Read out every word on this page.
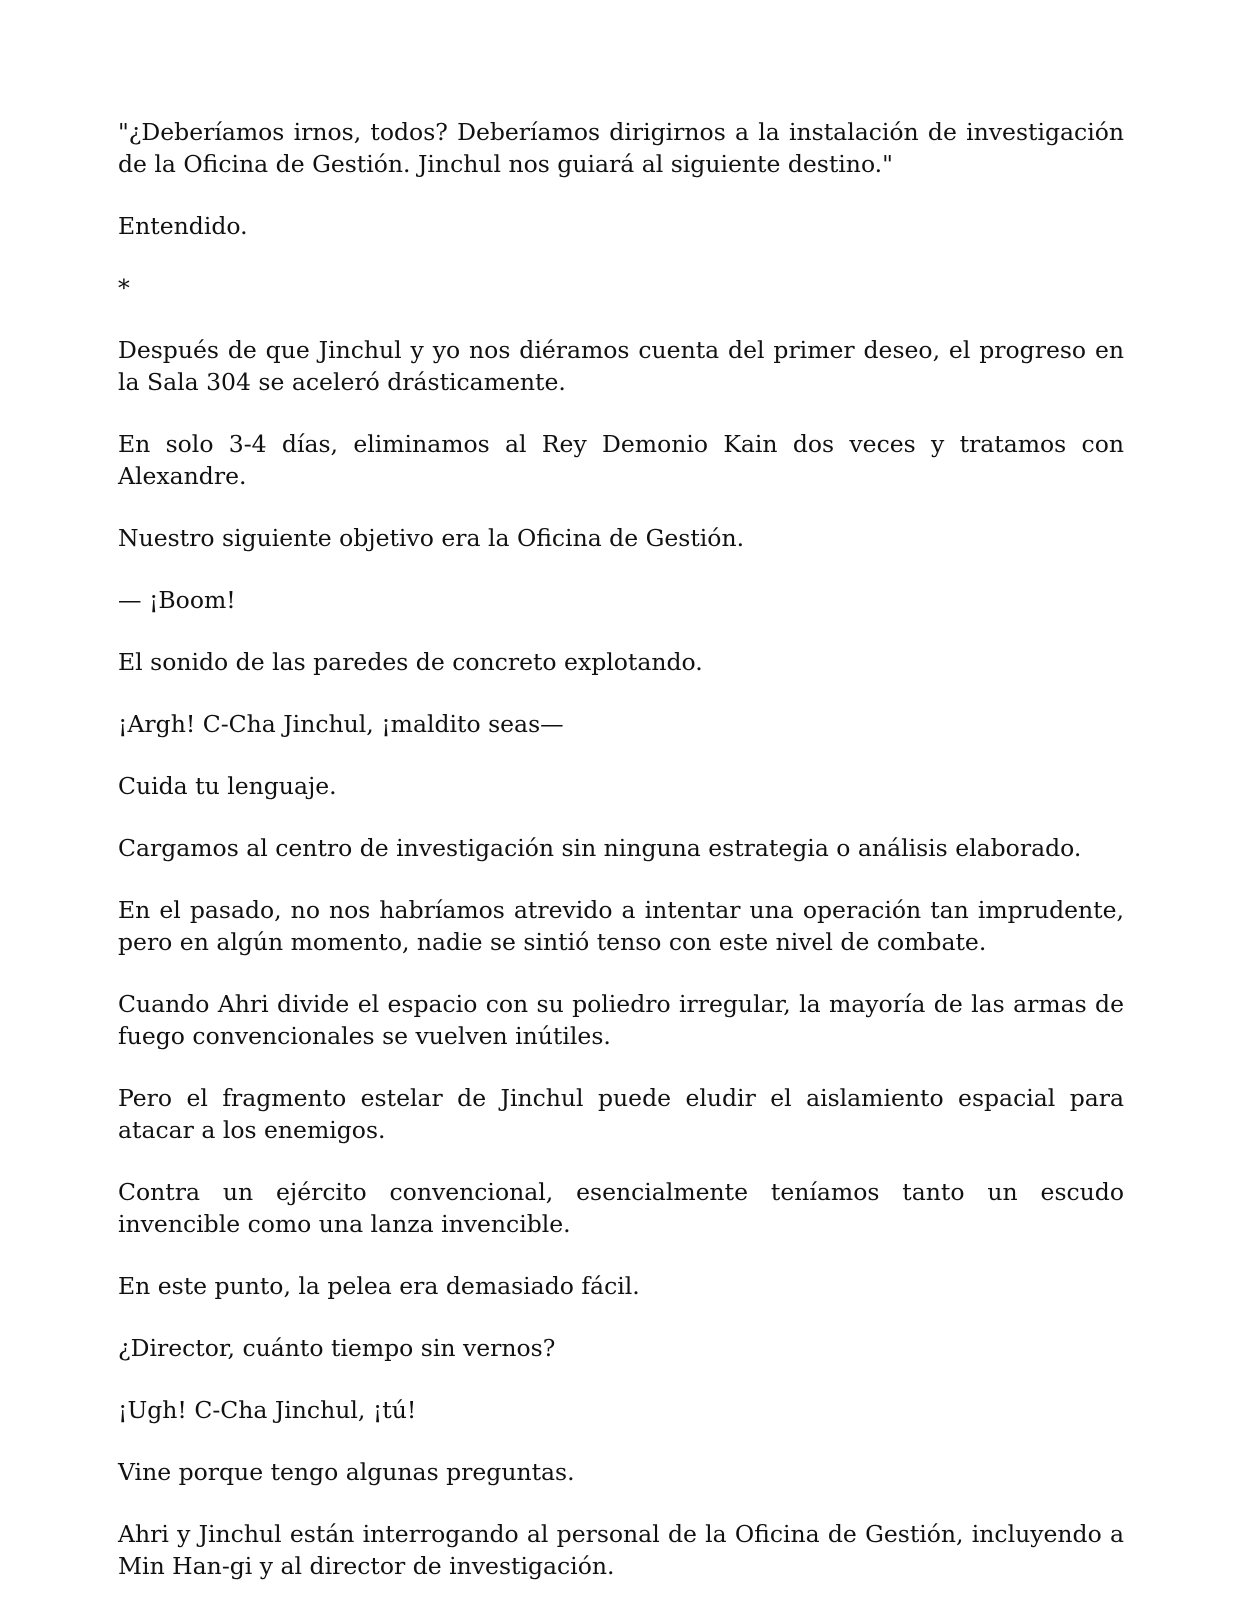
"¿Deberíamos irnos, todos? Deberíamos dirigirnos a la instalación de investigación de la Oficina de Gestión. Jinchul nos guiará al siguiente destino."

Entendido.

*

Después de que Jinchul y yo nos diéramos cuenta del primer deseo, el progreso en la Sala 304 se aceleró drásticamente.

En solo 3-4 días, eliminamos al Rey Demonio Kain dos veces y tratamos con Alexandre.

Nuestro siguiente objetivo era la Oficina de Gestión.

— ¡Boom!

El sonido de las paredes de concreto explotando.

¡Argh! C-Cha Jinchul, ¡maldito seas—

Cuida tu lenguaje.

Cargamos al centro de investigación sin ninguna estrategia o análisis elaborado.

En el pasado, no nos habríamos atrevido a intentar una operación tan imprudente, pero en algún momento, nadie se sintió tenso con este nivel de combate.

Cuando Ahri divide el espacio con su poliedro irregular, la mayoría de las armas de fuego convencionales se vuelven inútiles.

Pero el fragmento estelar de Jinchul puede eludir el aislamiento espacial para atacar a los enemigos.

Contra un ejército convencional, esencialmente teníamos tanto un escudo invencible como una lanza invencible.

En este punto, la pelea era demasiado fácil.

¿Director, cuánto tiempo sin vernos?

¡Ugh! C-Cha Jinchul, ¡tú!

Vine porque tengo algunas preguntas.

Ahri y Jinchul están interrogando al personal de la Oficina de Gestión, incluyendo a Min Han-gi y al director de investigación.
